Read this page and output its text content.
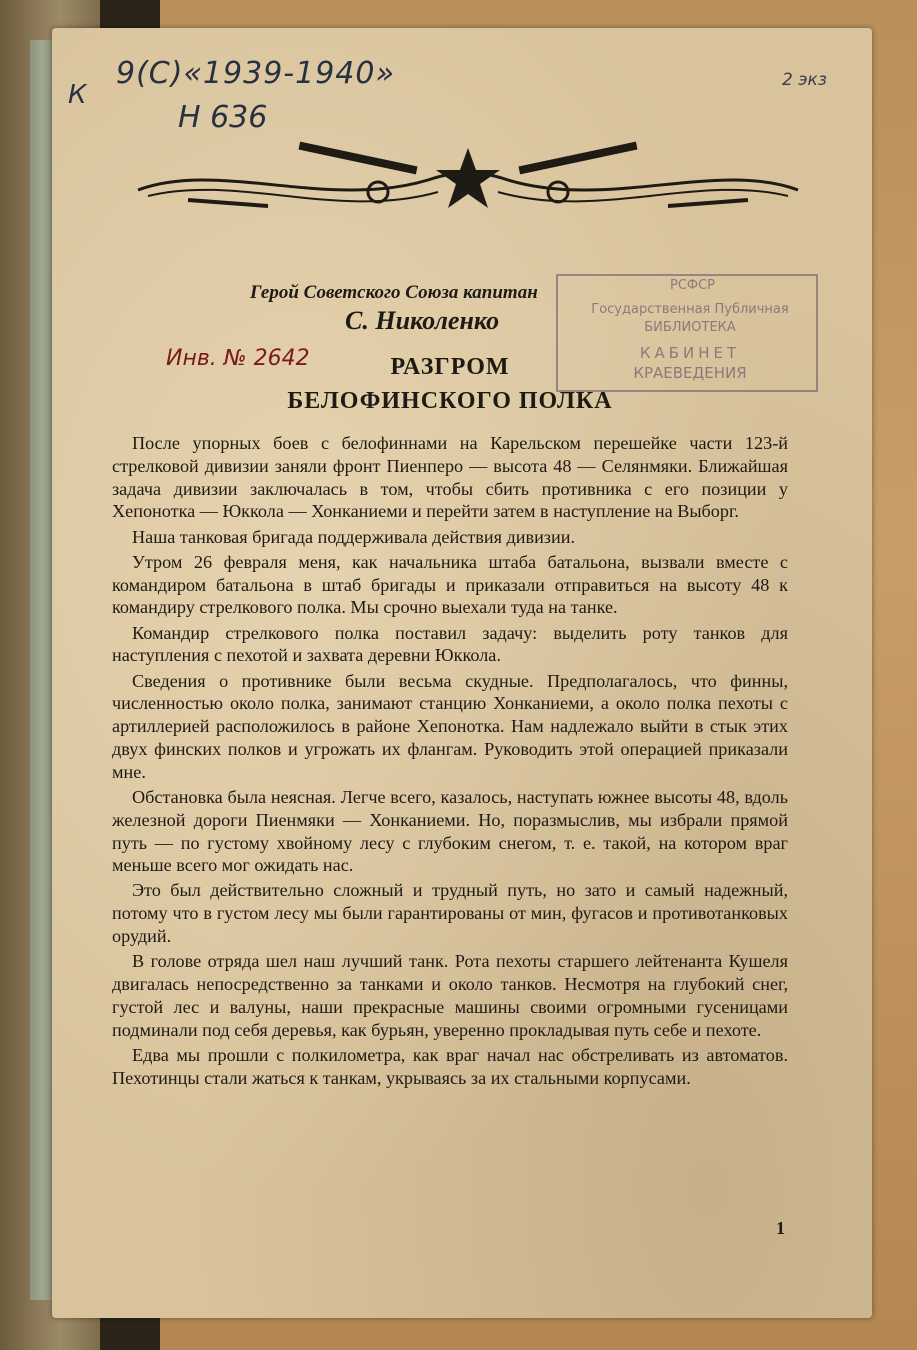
9(С)«1939-1940»
Н 636
2 экз
К
Герой Советского Союза капитан
С. Николенко
Инв. № 2642
РСФСР
Государственная Публичная
БИБЛИОТЕКА
КАБИНЕТ
КРАЕВЕДЕНИЯ
РАЗГРОМ
БЕЛОФИНСКОГО ПОЛКА

После упорных боев с белофиннами на Карельском перешейке части 123-й стрелковой дивизии заняли фронт Пиенперо — высота 48 — Селянмяки. Ближайшая задача дивизии заключалась в том, чтобы сбить противника с его позиции у Хепонотка — Юккола — Хонканиеми и перейти затем в наступление на Выборг.

Наша танковая бригада поддерживала действия дивизии.

Утром 26 февраля меня, как начальника штаба батальона, вызвали вместе с командиром батальона в штаб бригады и приказали отправиться на высоту 48 к командиру стрелкового полка. Мы срочно выехали туда на танке.

Командир стрелкового полка поставил задачу: выделить роту танков для наступления с пехотой и захвата деревни Юккола.

Сведения о противнике были весьма скудные. Предполагалось, что финны, численностью около полка, занимают станцию Хонканиеми, а около полка пехоты с артиллерией расположилось в районе Хепонотка. Нам надлежало выйти в стык этих двух финских полков и угрожать их флангам. Руководить этой операцией приказали мне.

Обстановка была неясная. Легче всего, казалось, наступать южнее высоты 48, вдоль железной дороги Пиенмяки — Хонканиеми. Но, поразмыслив, мы избрали прямой путь — по густому хвойному лесу с глубоким снегом, т. е. такой, на котором враг меньше всего мог ожидать нас.

Это был действительно сложный и трудный путь, но зато и самый надежный, потому что в густом лесу мы были гарантированы от мин, фугасов и противотанковых орудий.

В голове отряда шел наш лучший танк. Рота пехоты старшего лейтенанта Кушеля двигалась непосредственно за танками и около танков. Несмотря на глубокий снег, густой лес и валуны, наши прекрасные машины своими огромными гусеницами подминали под себя деревья, как бурьян, уверенно прокладывая путь себе и пехоте.

Едва мы прошли с полкилометра, как враг начал нас обстреливать из автоматов. Пехотинцы стали жаться к танкам, укрываясь за их стальными корпусами.

1
